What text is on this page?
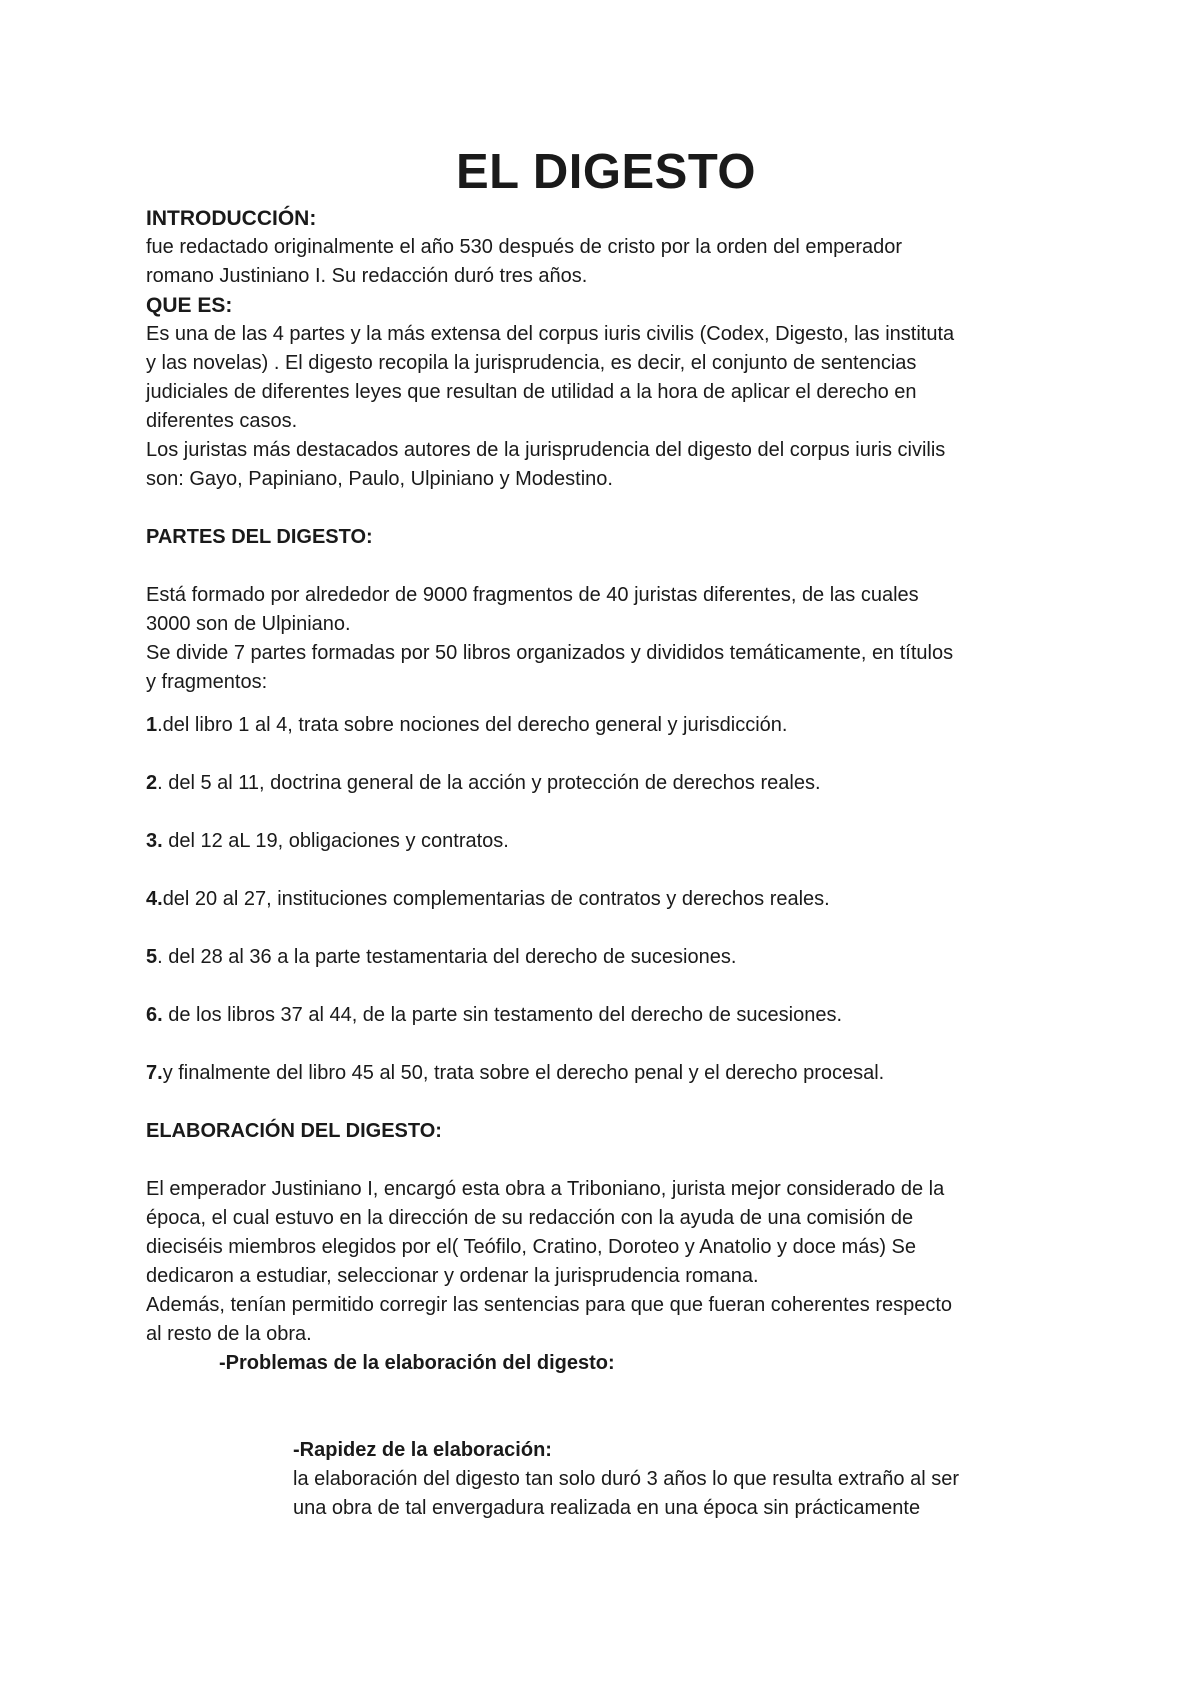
EL DIGESTO

INTRODUCCIÓN:

fue redactado originalmente el año 530 después de cristo por la orden del emperador
romano Justiniano I. Su redacción duró tres años.

QUE ES:

Es una de las 4 partes y la más extensa del corpus iuris civilis (Codex, Digesto, las instituta
y las novelas) . El digesto recopila la jurisprudencia, es decir, el conjunto de sentencias
judiciales de diferentes leyes que resultan de utilidad a la hora de aplicar el derecho en
diferentes casos.

Los juristas más destacados autores de la jurisprudencia del digesto del corpus iuris civilis
son: Gayo, Papiniano, Paulo, Ulpiniano y Modestino.

PARTES DEL DIGESTO:

Está formado por alrededor de 9000 fragmentos de 40 juristas diferentes, de las cuales
3000 son de Ulpiniano.

Se divide 7 partes formadas por 50 libros organizados y divididos temáticamente, en títulos
y fragmentos:

1.del libro 1 al 4, trata sobre nociones del derecho general y jurisdicción.

2. del 5 al 11, doctrina general de la acción y protección de derechos reales.

3. del 12 aL 19, obligaciones y contratos.

4.del 20 al 27, instituciones complementarias de contratos y derechos reales.

5. del 28 al 36 a la parte testamentaria del derecho de sucesiones.

6. de los libros 37 al 44, de la parte sin testamento del derecho de sucesiones.

7.y finalmente del libro 45 al 50, trata sobre el derecho penal y el derecho procesal.

ELABORACIÓN DEL DIGESTO:

El emperador Justiniano I, encargó esta obra a Triboniano, jurista mejor considerado de la
época, el cual estuvo en la dirección de su redacción con la ayuda de una comisión de
dieciséis miembros elegidos por el( Teófilo, Cratino, Doroteo y Anatolio y doce más) Se
dedicaron a estudiar, seleccionar y ordenar la jurisprudencia romana.

Además, tenían permitido corregir las sentencias para que que fueran coherentes respecto
al resto de la obra.

-Problemas de la elaboración del digesto:

-Rapidez de la elaboración:

la elaboración del digesto tan solo duró 3 años lo que resulta extraño al ser
una obra de tal envergadura realizada en una época sin prácticamente
